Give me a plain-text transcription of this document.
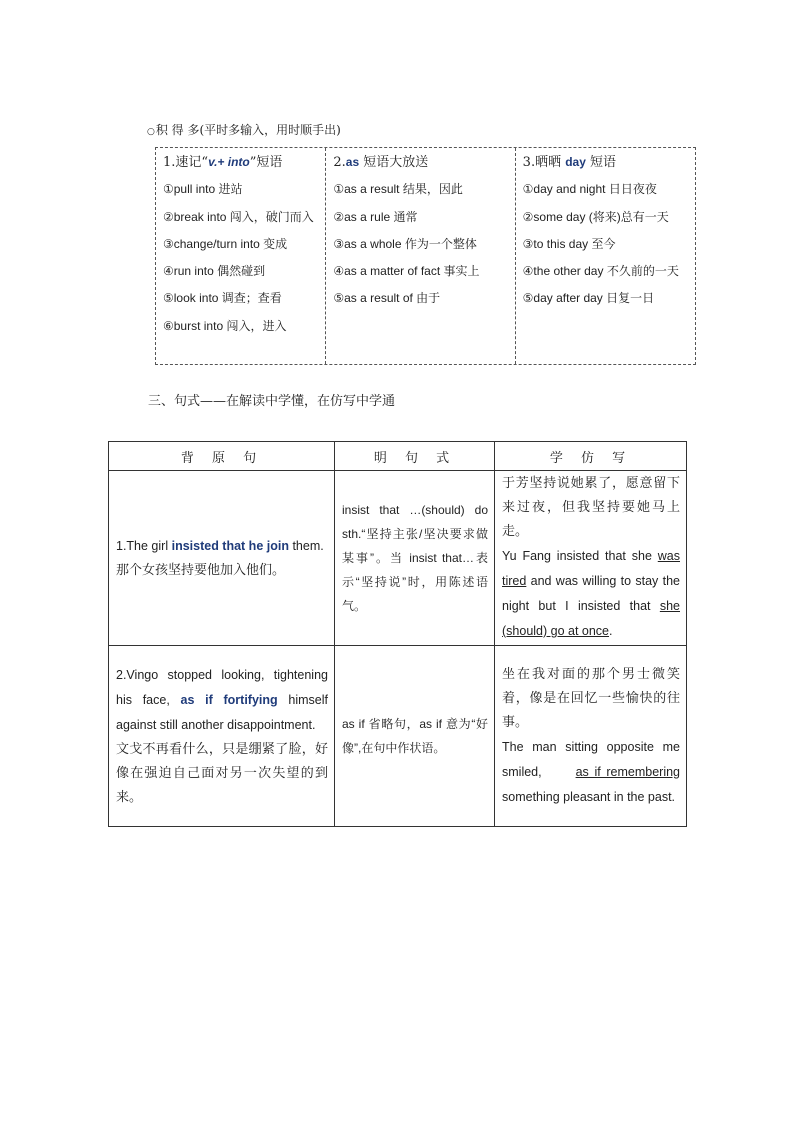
○积 得 多(平时多输入，用时顺手出)
1.速记“v.+ into”短语
①pull into 进站
②break into 闯入，破门而入
③change/turn into 变成
④run into 偶然碰到
⑤look into 调查；查看
⑥burst into 闯入，进入
2.as 短语大放送
①as a result 结果，因此
②as a rule 通常
③as a whole 作为一个整体
④as a matter of fact 事实上
⑤as a result of 由于
3.晒晒 day 短语
①day and night 日日夜夜
②some day (将来)总有一天
③to this day 至今
④the other day 不久前的一天
⑤day after day 日复一日
三、句式——在解读中学懂，在仿写中学通
背 原 句	明 句 式	学 仿 写

1.The girl insisted that he join them.
那个女孩坚持要他加入他们。	insist that …(should) do sth.“坚持主张/坚决要求做某事”。当 insist that…表示“坚持说”时，用陈述语气。	于芳坚持说她累了，愿意留下来过夜，但我坚持要她马上走。
Yu Fang insisted that she was tired and was willing to stay the night but I insisted that she (should) go at once.

2.Vingo stopped looking, tightening his face, as if fortifying himself against still another disappointment.
文戈不再看什么，只是绷紧了脸，好像在强迫自己面对另一次失望的到来。	as if 省略句，as if 意为“好像”,在句中作状语。	坐在我对面的那个男士微笑着，像是在回忆一些愉快的往事。
The man sitting opposite me smiled,      as if remembering something pleasant in the past.
